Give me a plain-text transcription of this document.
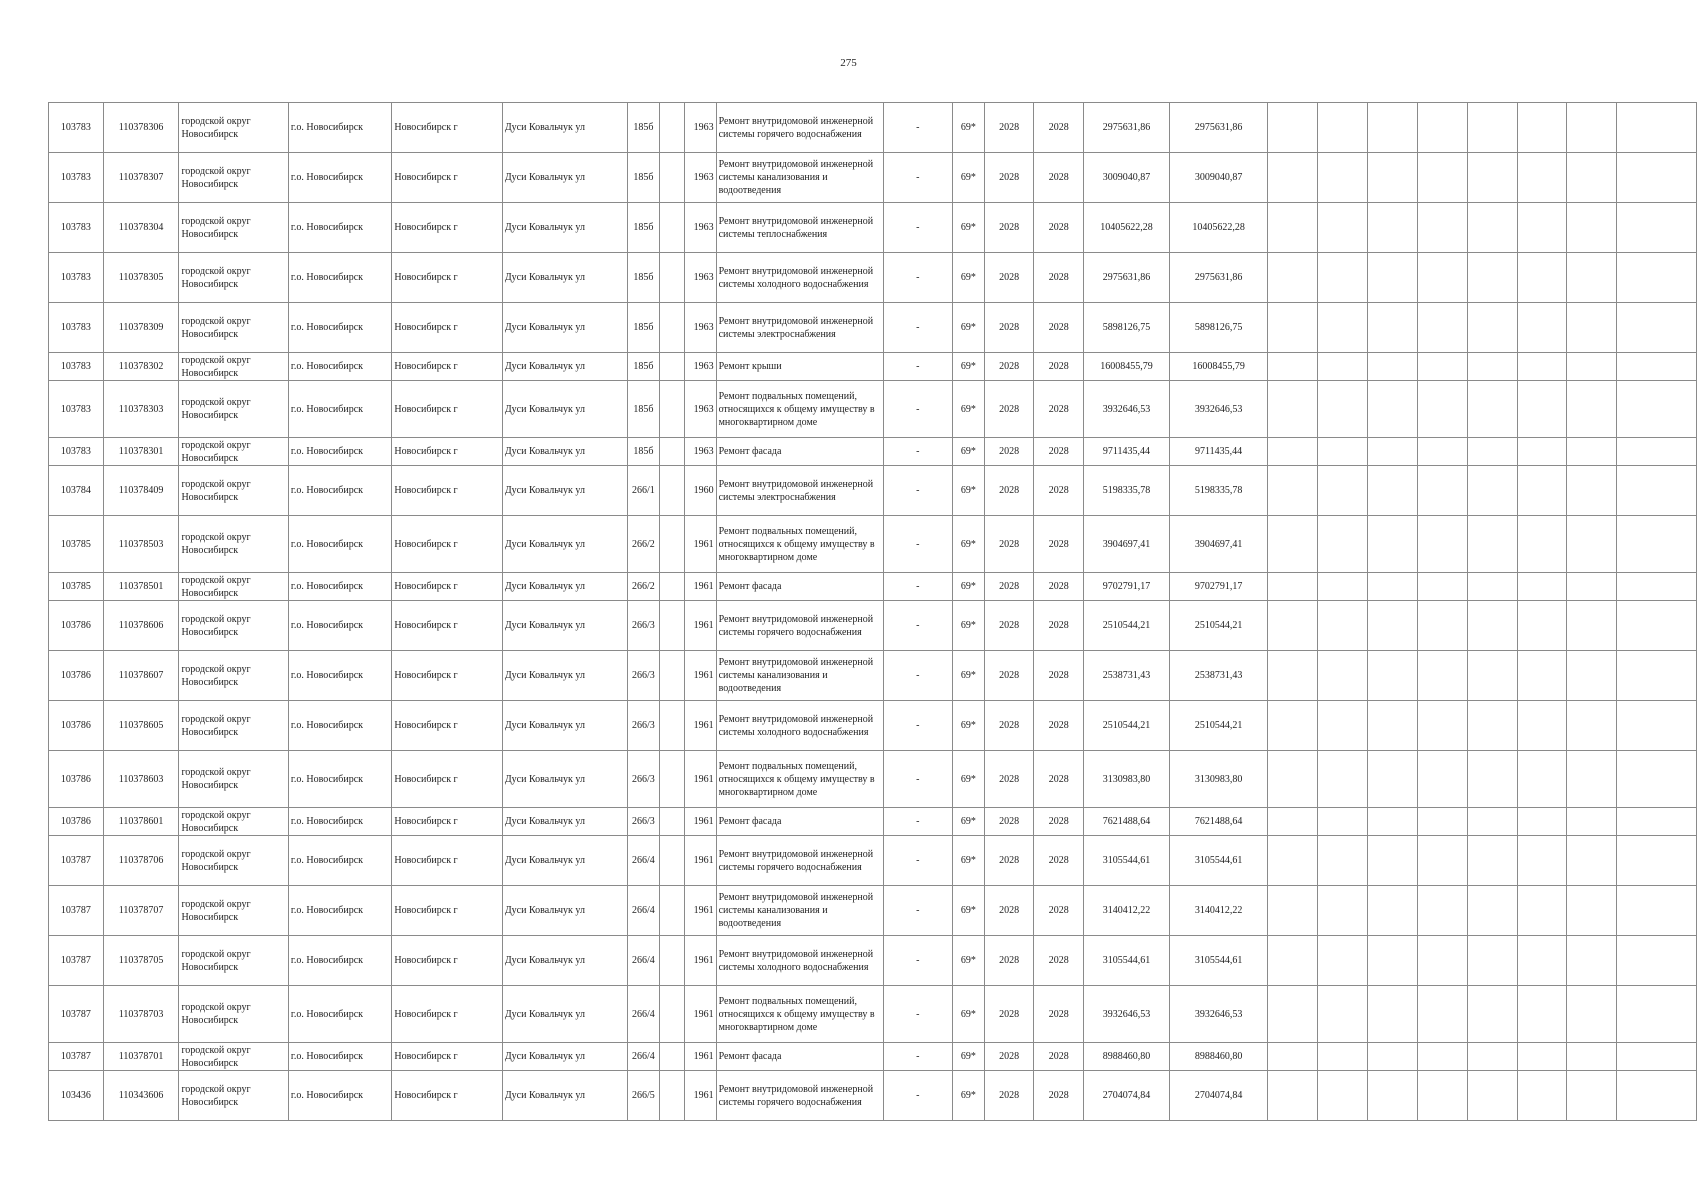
275
103783	110378306	городской округ Новосибирск	г.о. Новосибирск	Новосибирск г	Дуси Ковальчук ул	185б		1963	Ремонт внутридомовой инженерной системы горячего водоснабжения	-	69*	2028	2028	2975631,86	2975631,86								
103783	110378307	городской округ Новосибирск	г.о. Новосибирск	Новосибирск г	Дуси Ковальчук ул	185б		1963	Ремонт внутридомовой инженерной системы канализования и водоотведения	-	69*	2028	2028	3009040,87	3009040,87								
103783	110378304	городской округ Новосибирск	г.о. Новосибирск	Новосибирск г	Дуси Ковальчук ул	185б		1963	Ремонт внутридомовой инженерной системы теплоснабжения	-	69*	2028	2028	10405622,28	10405622,28								
103783	110378305	городской округ Новосибирск	г.о. Новосибирск	Новосибирск г	Дуси Ковальчук ул	185б		1963	Ремонт внутридомовой инженерной системы холодного водоснабжения	-	69*	2028	2028	2975631,86	2975631,86								
103783	110378309	городской округ Новосибирск	г.о. Новосибирск	Новосибирск г	Дуси Ковальчук ул	185б		1963	Ремонт внутридомовой инженерной системы электроснабжения	-	69*	2028	2028	5898126,75	5898126,75								
103783	110378302	городской округ Новосибирск	г.о. Новосибирск	Новосибирск г	Дуси Ковальчук ул	185б		1963	Ремонт крыши	-	69*	2028	2028	16008455,79	16008455,79								
103783	110378303	городской округ Новосибирск	г.о. Новосибирск	Новосибирск г	Дуси Ковальчук ул	185б		1963	Ремонт подвальных помещений, относящихся к общему имуществу в многоквартирном доме	-	69*	2028	2028	3932646,53	3932646,53								
103783	110378301	городской округ Новосибирск	г.о. Новосибирск	Новосибирск г	Дуси Ковальчук ул	185б		1963	Ремонт фасада	-	69*	2028	2028	9711435,44	9711435,44								
103784	110378409	городской округ Новосибирск	г.о. Новосибирск	Новосибирск г	Дуси Ковальчук ул	266/1		1960	Ремонт внутридомовой инженерной системы электроснабжения	-	69*	2028	2028	5198335,78	5198335,78								
103785	110378503	городской округ Новосибирск	г.о. Новосибирск	Новосибирск г	Дуси Ковальчук ул	266/2		1961	Ремонт подвальных помещений, относящихся к общему имуществу в многоквартирном доме	-	69*	2028	2028	3904697,41	3904697,41								
103785	110378501	городской округ Новосибирск	г.о. Новосибирск	Новосибирск г	Дуси Ковальчук ул	266/2		1961	Ремонт фасада	-	69*	2028	2028	9702791,17	9702791,17								
103786	110378606	городской округ Новосибирск	г.о. Новосибирск	Новосибирск г	Дуси Ковальчук ул	266/3		1961	Ремонт внутридомовой инженерной системы горячего водоснабжения	-	69*	2028	2028	2510544,21	2510544,21								
103786	110378607	городской округ Новосибирск	г.о. Новосибирск	Новосибирск г	Дуси Ковальчук ул	266/3		1961	Ремонт внутридомовой инженерной системы канализования и водоотведения	-	69*	2028	2028	2538731,43	2538731,43								
103786	110378605	городской округ Новосибирск	г.о. Новосибирск	Новосибирск г	Дуси Ковальчук ул	266/3		1961	Ремонт внутридомовой инженерной системы холодного водоснабжения	-	69*	2028	2028	2510544,21	2510544,21								
103786	110378603	городской округ Новосибирск	г.о. Новосибирск	Новосибирск г	Дуси Ковальчук ул	266/3		1961	Ремонт подвальных помещений, относящихся к общему имуществу в многоквартирном доме	-	69*	2028	2028	3130983,80	3130983,80								
103786	110378601	городской округ Новосибирск	г.о. Новосибирск	Новосибирск г	Дуси Ковальчук ул	266/3		1961	Ремонт фасада	-	69*	2028	2028	7621488,64	7621488,64								
103787	110378706	городской округ Новосибирск	г.о. Новосибирск	Новосибирск г	Дуси Ковальчук ул	266/4		1961	Ремонт внутридомовой инженерной системы горячего водоснабжения	-	69*	2028	2028	3105544,61	3105544,61								
103787	110378707	городской округ Новосибирск	г.о. Новосибирск	Новосибирск г	Дуси Ковальчук ул	266/4		1961	Ремонт внутридомовой инженерной системы канализования и водоотведения	-	69*	2028	2028	3140412,22	3140412,22								
103787	110378705	городской округ Новосибирск	г.о. Новосибирск	Новосибирск г	Дуси Ковальчук ул	266/4		1961	Ремонт внутридомовой инженерной системы холодного водоснабжения	-	69*	2028	2028	3105544,61	3105544,61								
103787	110378703	городской округ Новосибирск	г.о. Новосибирск	Новосибирск г	Дуси Ковальчук ул	266/4		1961	Ремонт подвальных помещений, относящихся к общему имуществу в многоквартирном доме	-	69*	2028	2028	3932646,53	3932646,53								
103787	110378701	городской округ Новосибирск	г.о. Новосибирск	Новосибирск г	Дуси Ковальчук ул	266/4		1961	Ремонт фасада	-	69*	2028	2028	8988460,80	8988460,80								
103436	110343606	городской округ Новосибирск	г.о. Новосибирск	Новосибирск г	Дуси Ковальчук ул	266/5		1961	Ремонт внутридомовой инженерной системы горячего водоснабжения	-	69*	2028	2028	2704074,84	2704074,84								
